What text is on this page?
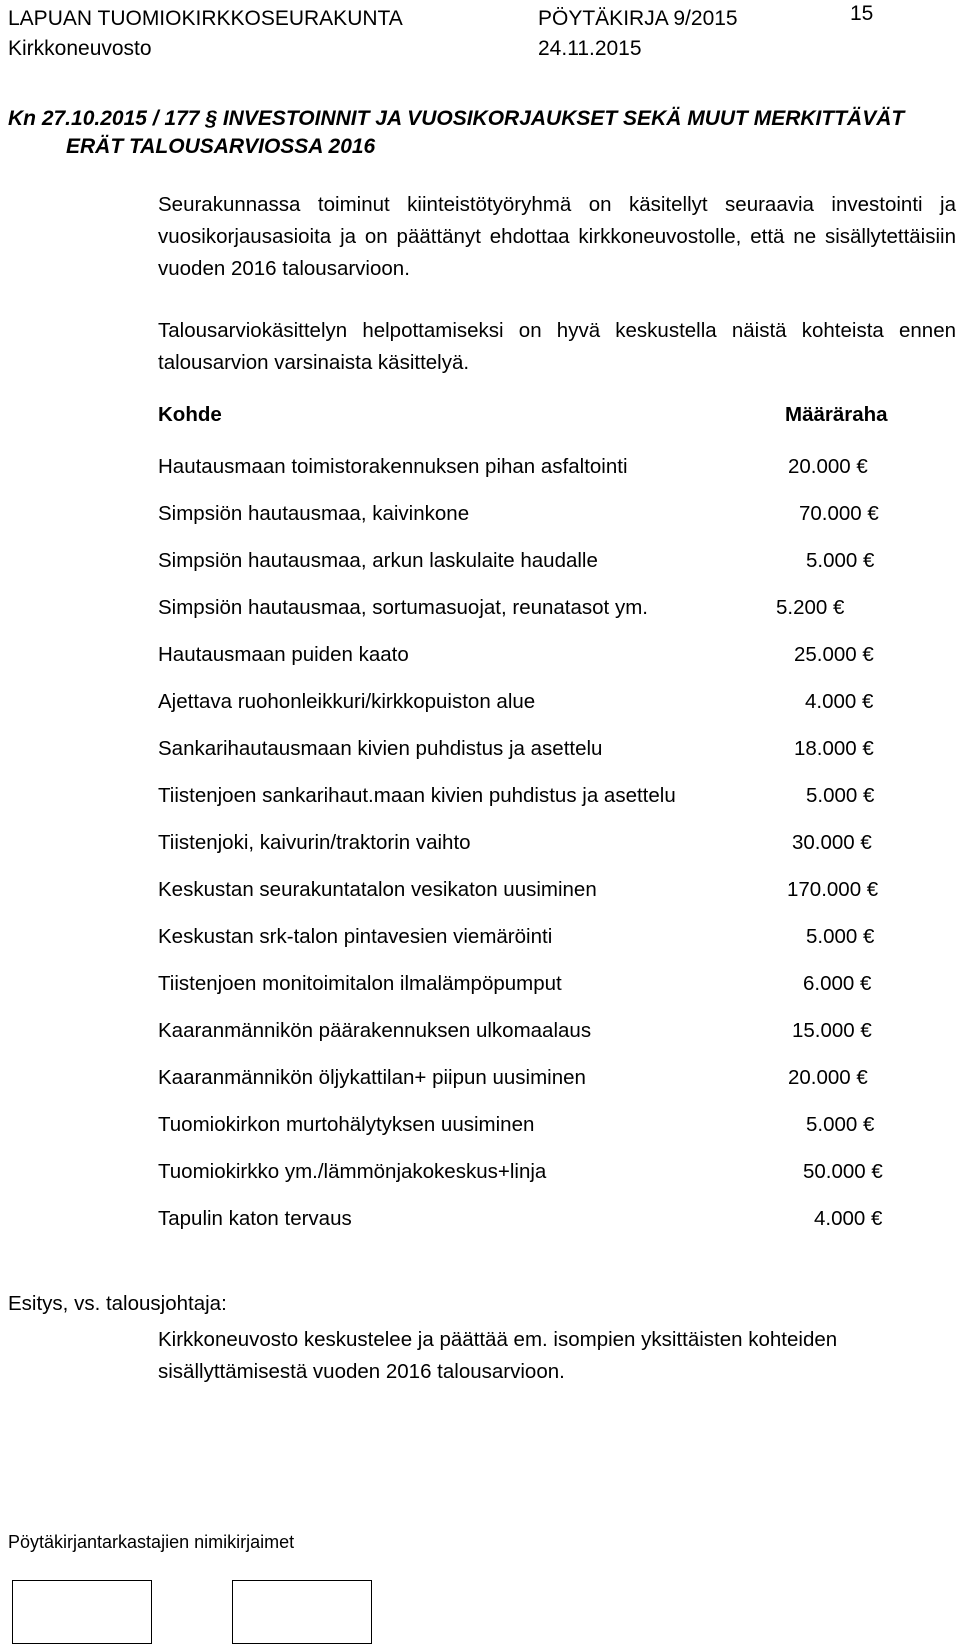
LAPUAN TUOMIOKIRKKOSEURAKUNTA	PÖYTÄKIRJA 9/2015	15
Kirkkoneuvosto	24.11.2015
Kn 27.10.2015 / 177 § INVESTOINNIT JA VUOSIKORJAUKSET SEKÄ MUUT MERKITTÄVÄT
ERÄT TALOUSARVIOSSA 2016
Seurakunnassa toiminut kiinteistötyöryhmä on käsitellyt seuraavia investointi ja vuosikorjausasioita ja on päättänyt ehdottaa kirkkoneuvostolle, että ne sisällytettäisiin vuoden 2016 talousarvioon.
Talousarviokäsittelyn helpottamiseksi on hyvä keskustella näistä kohteista ennen talousarvion varsinaista käsittelyä.
Kohde	Määräraha
Hautausmaan toimistorakennuksen pihan asfaltointi	20.000 €
Simpsiön hautausmaa, kaivinkone	70.000 €
Simpsiön hautausmaa, arkun laskulaite haudalle	5.000 €
Simpsiön hautausmaa, sortumasuojat, reunatasot ym.	5.200 €
Hautausmaan puiden kaato	25.000 €
Ajettava ruohonleikkuri/kirkkopuiston alue	4.000 €
Sankarihautausmaan kivien puhdistus ja asettelu	18.000 €
Tiistenjoen sankarihaut.maan kivien puhdistus ja asettelu	5.000 €
Tiistenjoki, kaivurin/traktorin vaihto	30.000 €
Keskustan seurakuntatalon vesikaton uusiminen	170.000 €
Keskustan srk-talon pintavesien viemäröinti	5.000 €
Tiistenjoen monitoimitalon ilmalämpöpumput	6.000 €
Kaaranmännikön päärakennuksen ulkomaalaus	15.000 €
Kaaranmännikön öljykattilan+ piipun uusiminen	20.000 €
Tuomiokirkon murtohälytyksen uusiminen	5.000 €
Tuomiokirkko ym./lämmönjakokeskus+linja	50.000 €
Tapulin katon tervaus	4.000 €
Esitys, vs. talousjohtaja:
Kirkkoneuvosto keskustelee ja päättää em. isompien yksittäisten kohteiden sisällyttämisestä vuoden 2016 talousarvioon.
Pöytäkirjantarkastajien nimikirjaimet
